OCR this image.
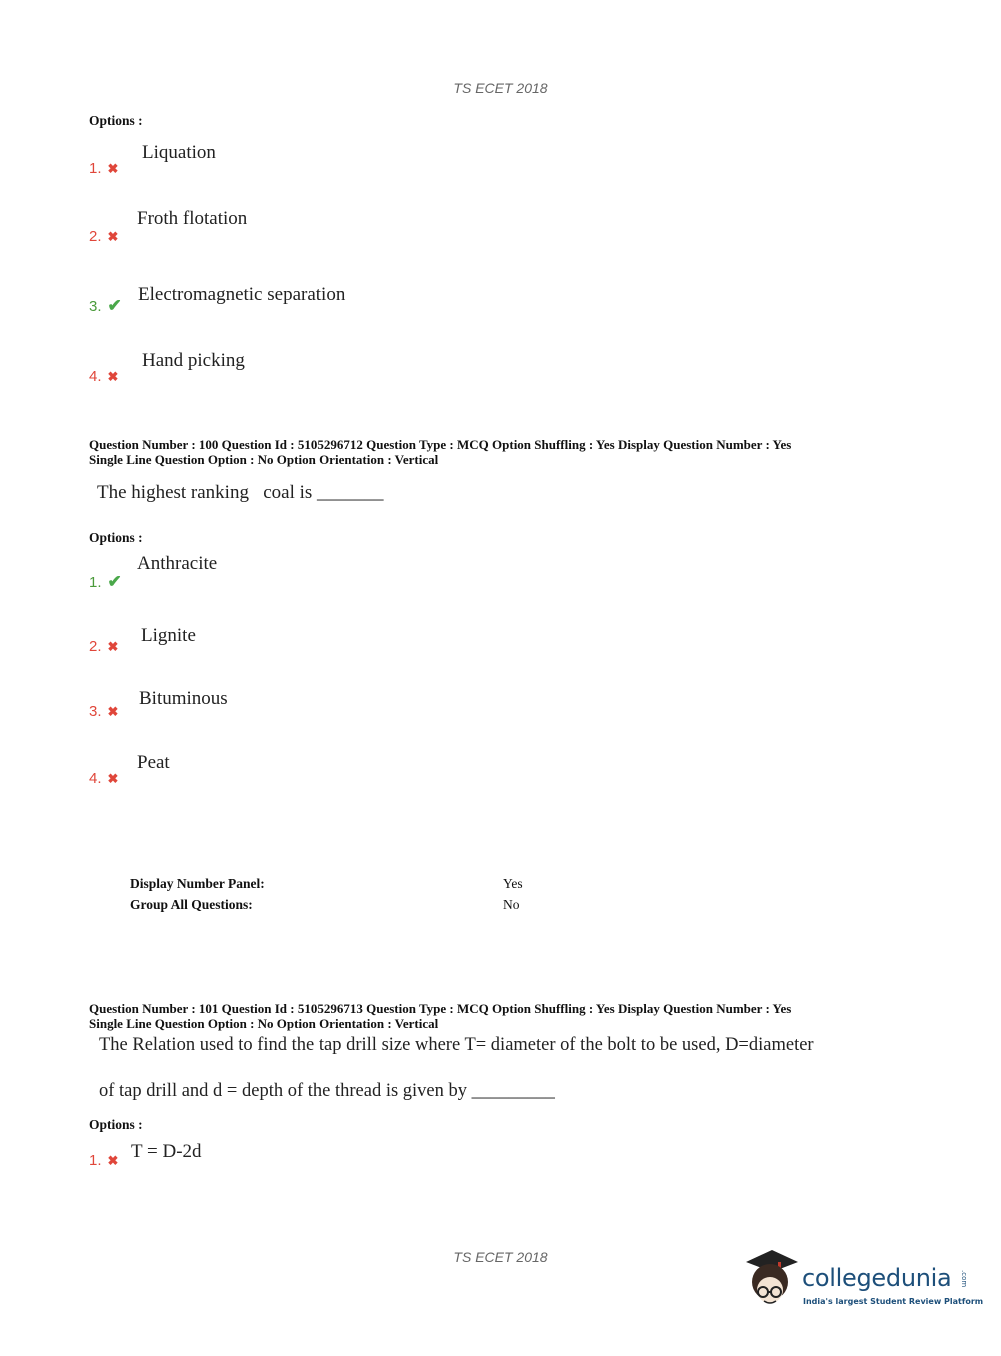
TS ECET 2018
Options :
1. ✖
Liquation
2. ✖
Froth flotation
3. ✔
Electromagnetic separation
4. ✖
Hand picking
Question Number : 100 Question Id : 5105296712 Question Type : MCQ Option Shuffling : Yes Display Question Number : Yes
Single Line Question Option : No Option Orientation : Vertical
The highest ranking   coal is _______
Options :
1. ✔
Anthracite
2. ✖
Lignite
3. ✖
Bituminous
4. ✖
Peat
Display Number Panel:	Yes
Group All Questions:	No
Question Number : 101 Question Id : 5105296713 Question Type : MCQ Option Shuffling : Yes Display Question Number : Yes
Single Line Question Option : No Option Orientation : Vertical
The Relation used to find the tap drill size where T= diameter of the bolt to be used, D=diameter
of tap drill and d = depth of the thread is given by _________
Options :
1. ✖ T = D-2d
TS ECET 2018
collegedunia .com
India's largest Student Review Platform
